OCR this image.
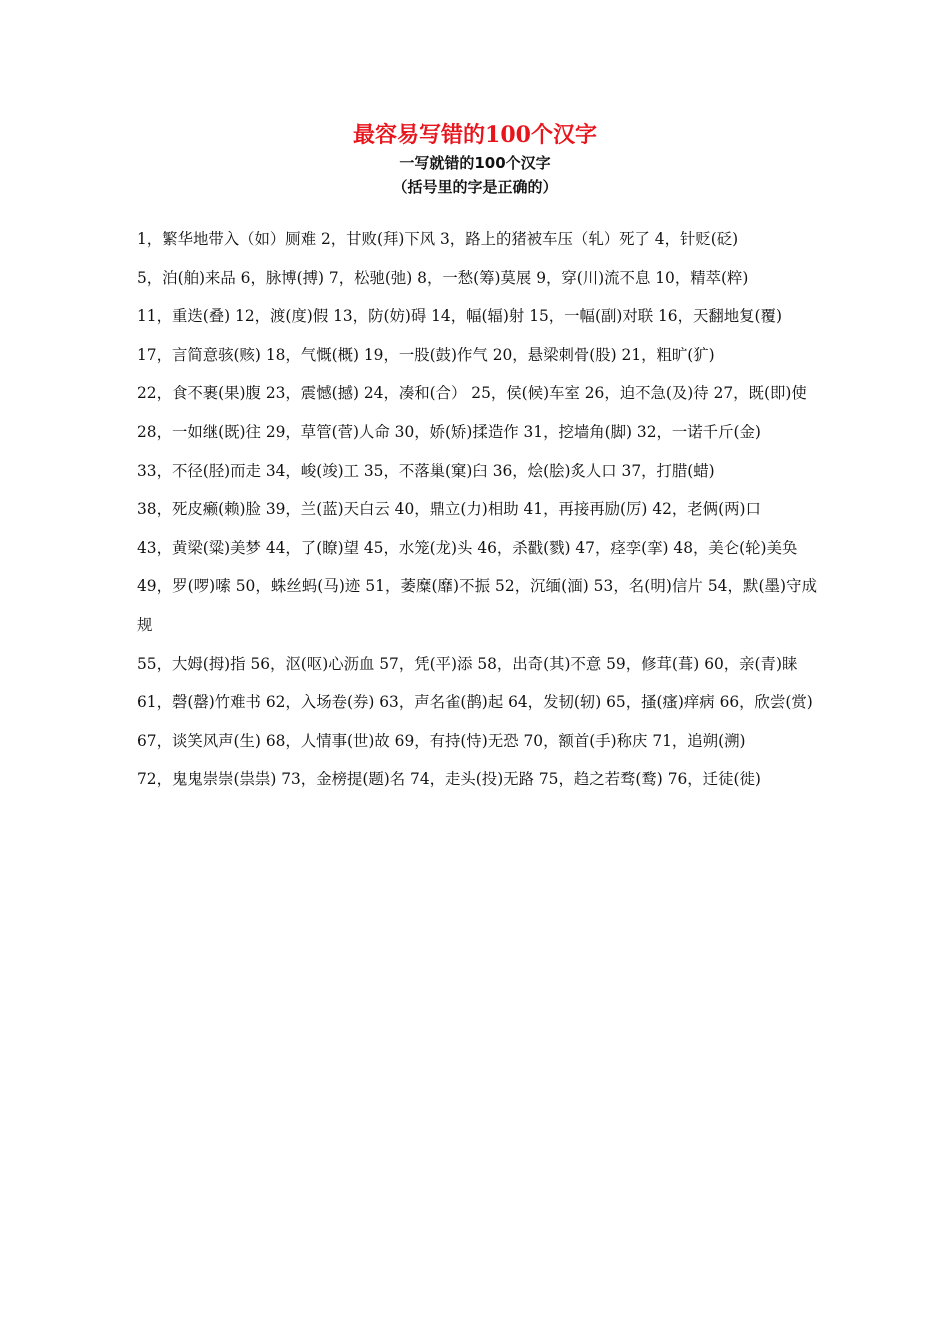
最容易写错的100个汉字
一写就错的100个汉字
（括号里的字是正确的）
1，繁华地带入（如）厕难 2，甘败(拜)下风 3，路上的猪被车压（轧）死了 4，针贬(砭)
5，泊(舶)来品 6，脉博(搏) 7，松驰(弛) 8，一愁(筹)莫展 9，穿(川)流不息 10，精萃(粹)
11，重迭(叠) 12，渡(度)假 13，防(妨)碍 14，幅(辐)射 15，一幅(副)对联 16，天翻地复(覆)
17，言简意骇(赅) 18，气慨(概) 19，一股(鼓)作气 20，悬梁刺骨(股) 21，粗旷(犷)
22，食不裹(果)腹 23，震憾(撼) 24，凑和(合） 25，侯(候)车室 26，迫不急(及)待 27，既(即)使
28，一如继(既)往 29，草管(菅)人命 30，娇(矫)揉造作 31，挖墙角(脚) 32，一诺千斤(金)
33，不径(胫)而走 34，峻(竣)工 35，不落巢(窠)臼 36，烩(脍)炙人口 37，打腊(蜡)
38，死皮癞(赖)脸 39，兰(蓝)天白云 40，鼎立(力)相助 41，再接再励(厉) 42，老俩(两)口
43，黄梁(粱)美梦 44，了(瞭)望 45，水笼(龙)头 46，杀戳(戮) 47，痉孪(挛) 48，美仑(轮)美奂
49，罗(啰)嗦 50，蛛丝蚂(马)迹 51，萎糜(靡)不振 52，沉缅(湎) 53，名(明)信片 54，默(墨)守成规
55，大姆(拇)指 56，沤(呕)心沥血 57，凭(平)添 58，出奇(其)不意 59，修茸(葺) 60，亲(青)睐
61，磬(罄)竹难书 62，入场卷(券) 63，声名雀(鹊)起 64，发韧(轫) 65，搔(瘙)痒病 66，欣尝(赏)
67，谈笑风声(生) 68，人情事(世)故 69，有持(恃)无恐 70，额首(手)称庆 71，追朔(溯)
72，鬼鬼崇崇(祟祟) 73，金榜提(题)名 74，走头(投)无路 75，趋之若骛(鹜) 76，迁徒(徙)
